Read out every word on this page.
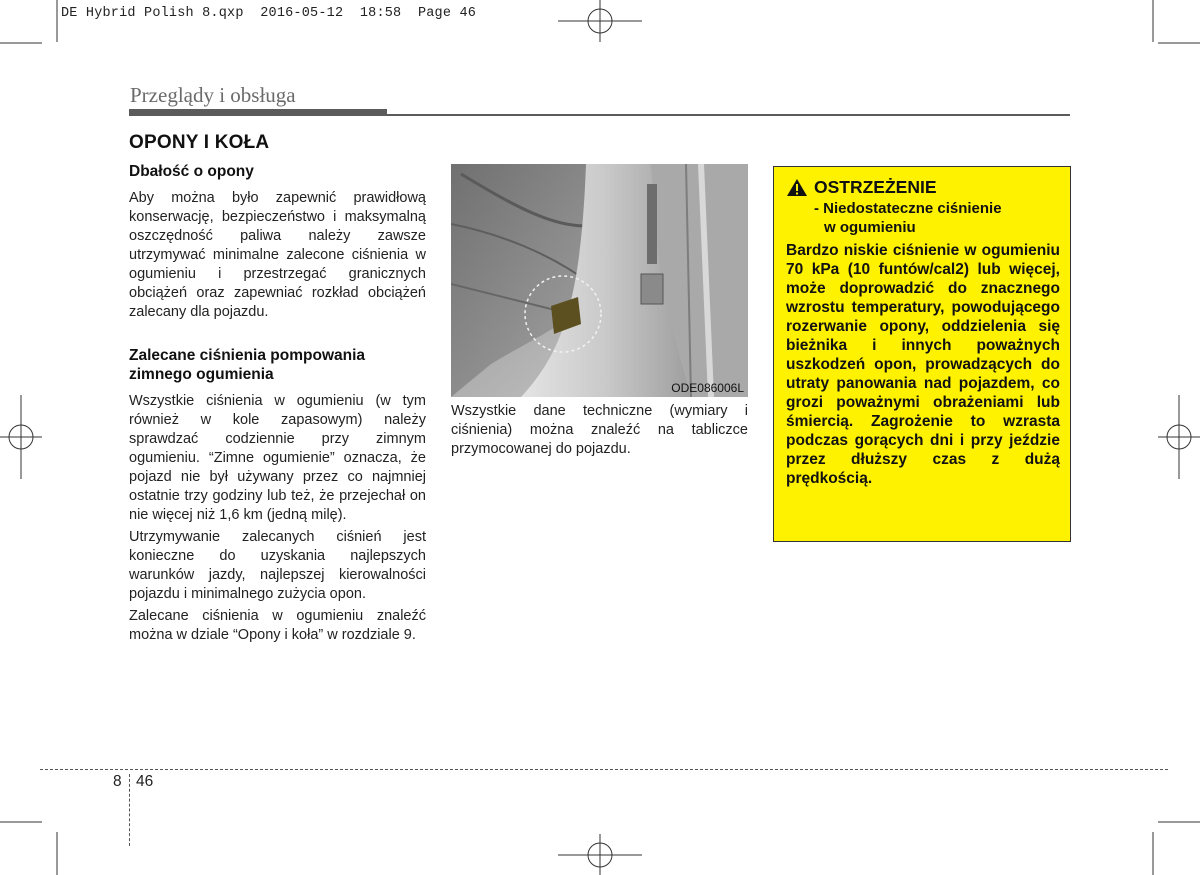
DE Hybrid Polish 8.qxp  2016-05-12  18:58  Page 46
Przeglądy i obsługa
OPONY I KOŁA
Dbałość o opony

Aby można było zapewnić prawidłową konserwację, bezpieczeństwo i maksymalną oszczędność paliwa należy zawsze utrzymywać minimalne zalecone ciśnienia w ogumieniu i przestrzegać granicznych obciążeń oraz zapewniać rozkład obciążeń zalecany dla pojazdu.

Zalecane ciśnienia pompowania zimnego ogumienia

Wszystkie ciśnienia w ogumieniu (w tym również w kole zapasowym) należy sprawdzać codziennie przy zimnym ogumieniu. “Zimne ogumienie” oznacza, że pojazd nie był używany przez co najmniej ostatnie trzy godziny lub też, że przejechał on nie więcej niż 1,6 km (jedną milę).

Utrzymywanie zalecanych ciśnień jest konieczne do uzyskania najlepszych warunków jazdy, najlepszej kierowalności pojazdu i minimalnego zużycia opon.

Zalecane ciśnienia w ogumieniu znaleźć można w dziale “Opony i koła” w rozdziale 9.

ODE086006L

Wszystkie dane techniczne (wymiary i ciśnienia) można znaleźć na tabliczce przymocowanej do pojazdu.

OSTRZEŻENIE
- Niedostateczne ciśnienie
w ogumieniu

Bardzo niskie ciśnienie w ogumieniu 70 kPa (10 funtów/cal2) lub więcej, może doprowadzić do znacznego wzrostu temperatury, powodującego rozerwanie opony, oddzielenia się bieżnika i innych poważnych uszkodzeń opon, prowadzących do utraty panowania nad pojazdem, co grozi poważnymi obrażeniami lub śmiercią. Zagrożenie to wzrasta podczas gorących dni i przy jeździe przez dłuższy czas z dużą prędkością.

8 46
